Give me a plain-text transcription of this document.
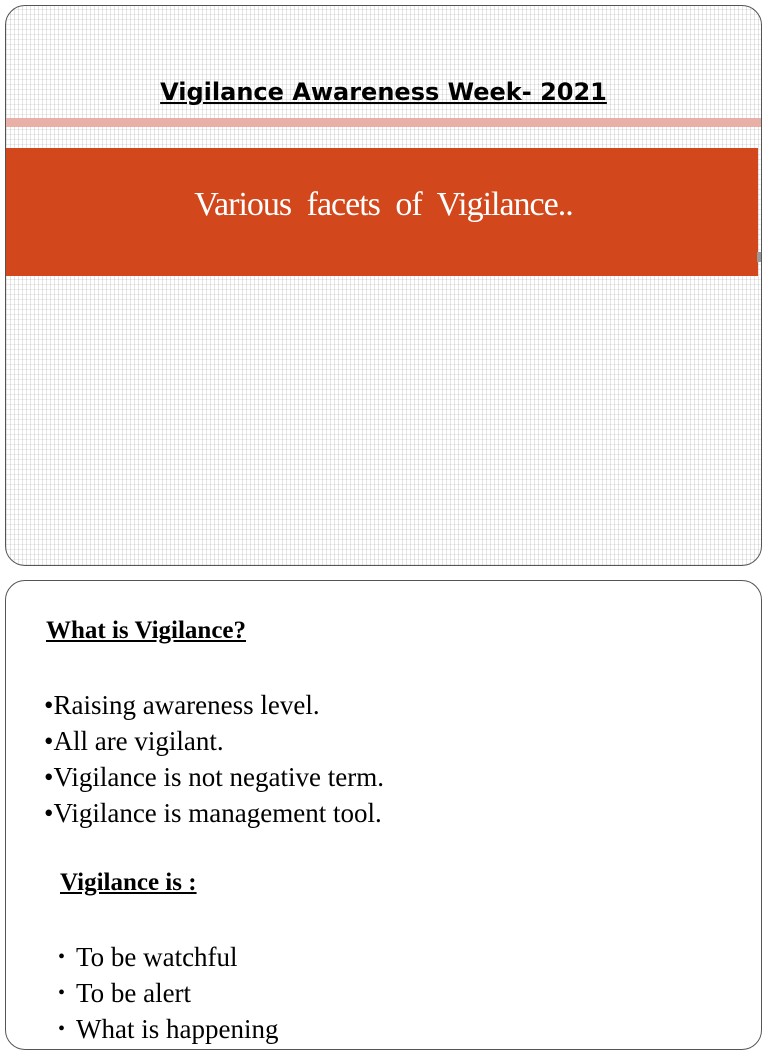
Vigilance Awareness Week- 2021
Various facets of Vigilance..
What is Vigilance?
•Raising awareness level.
•All are vigilant.
•Vigilance is not negative term.
•Vigilance is management tool.
Vigilance is :
• To be watchful
• To be alert
• What is happening
